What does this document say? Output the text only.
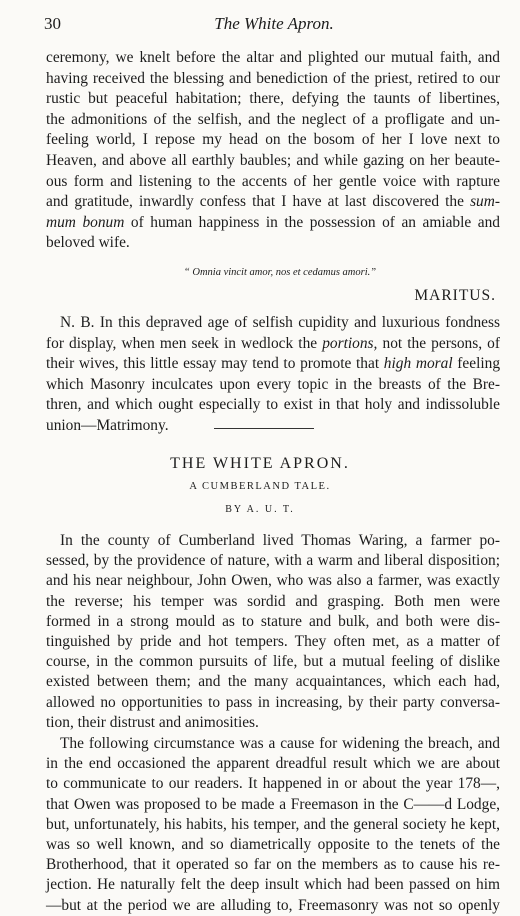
30	The White Apron.
ceremony, we knelt before the altar and plighted our mutual faith, and
having received the blessing and benediction of the priest, retired to our
rustic but peaceful habitation; there, defying the taunts of libertines,
the admonitions of the selfish, and the neglect of a profligate and un-
feeling world, I repose my head on the bosom of her I love next to
Heaven, and above all earthly baubles; and while gazing on her beaute-
ous form and listening to the accents of her gentle voice with rapture
and gratitude, inwardly confess that I have at last discovered the sum-
mum bonum of human happiness in the possession of an amiable and
beloved wife.
“ Omnia vincit amor, nos et cedamus amori.”
MARITUS.
N. B. In this depraved age of selfish cupidity and luxurious fondness
for display, when men seek in wedlock the portions, not the persons, of
their wives, this little essay may tend to promote that high moral feeling
which Masonry inculcates upon every topic in the breasts of the Bre-
thren, and which ought especially to exist in that holy and indissoluble
union—Matrimony.
THE WHITE APRON.
A CUMBERLAND TALE.
BY A. U. T.
In the county of Cumberland lived Thomas Waring, a farmer po-
sessed, by the providence of nature, with a warm and liberal disposition;
and his near neighbour, John Owen, who was also a farmer, was exactly
the reverse; his temper was sordid and grasping. Both men were
formed in a strong mould as to stature and bulk, and both were dis-
tinguished by pride and hot tempers. They often met, as a matter of
course, in the common pursuits of life, but a mutual feeling of dislike
existed between them; and the many acquaintances, which each had,
allowed no opportunities to pass in increasing, by their party conversa-
tion, their distrust and animosities.
The following circumstance was a cause for widening the breach, and
in the end occasioned the apparent dreadful result which we are about
to communicate to our readers. It happened in or about the year 178—,
that Owen was proposed to be made a Freemason in the C——d Lodge,
but, unfortunately, his habits, his temper, and the general society he kept,
was so well known, and so diametrically opposite to the tenets of the
Brotherhood, that it operated so far on the members as to cause his re-
jection. He naturally felt the deep insult which had been passed on him
—but at the period we are alluding to, Freemasonry was not so openly
